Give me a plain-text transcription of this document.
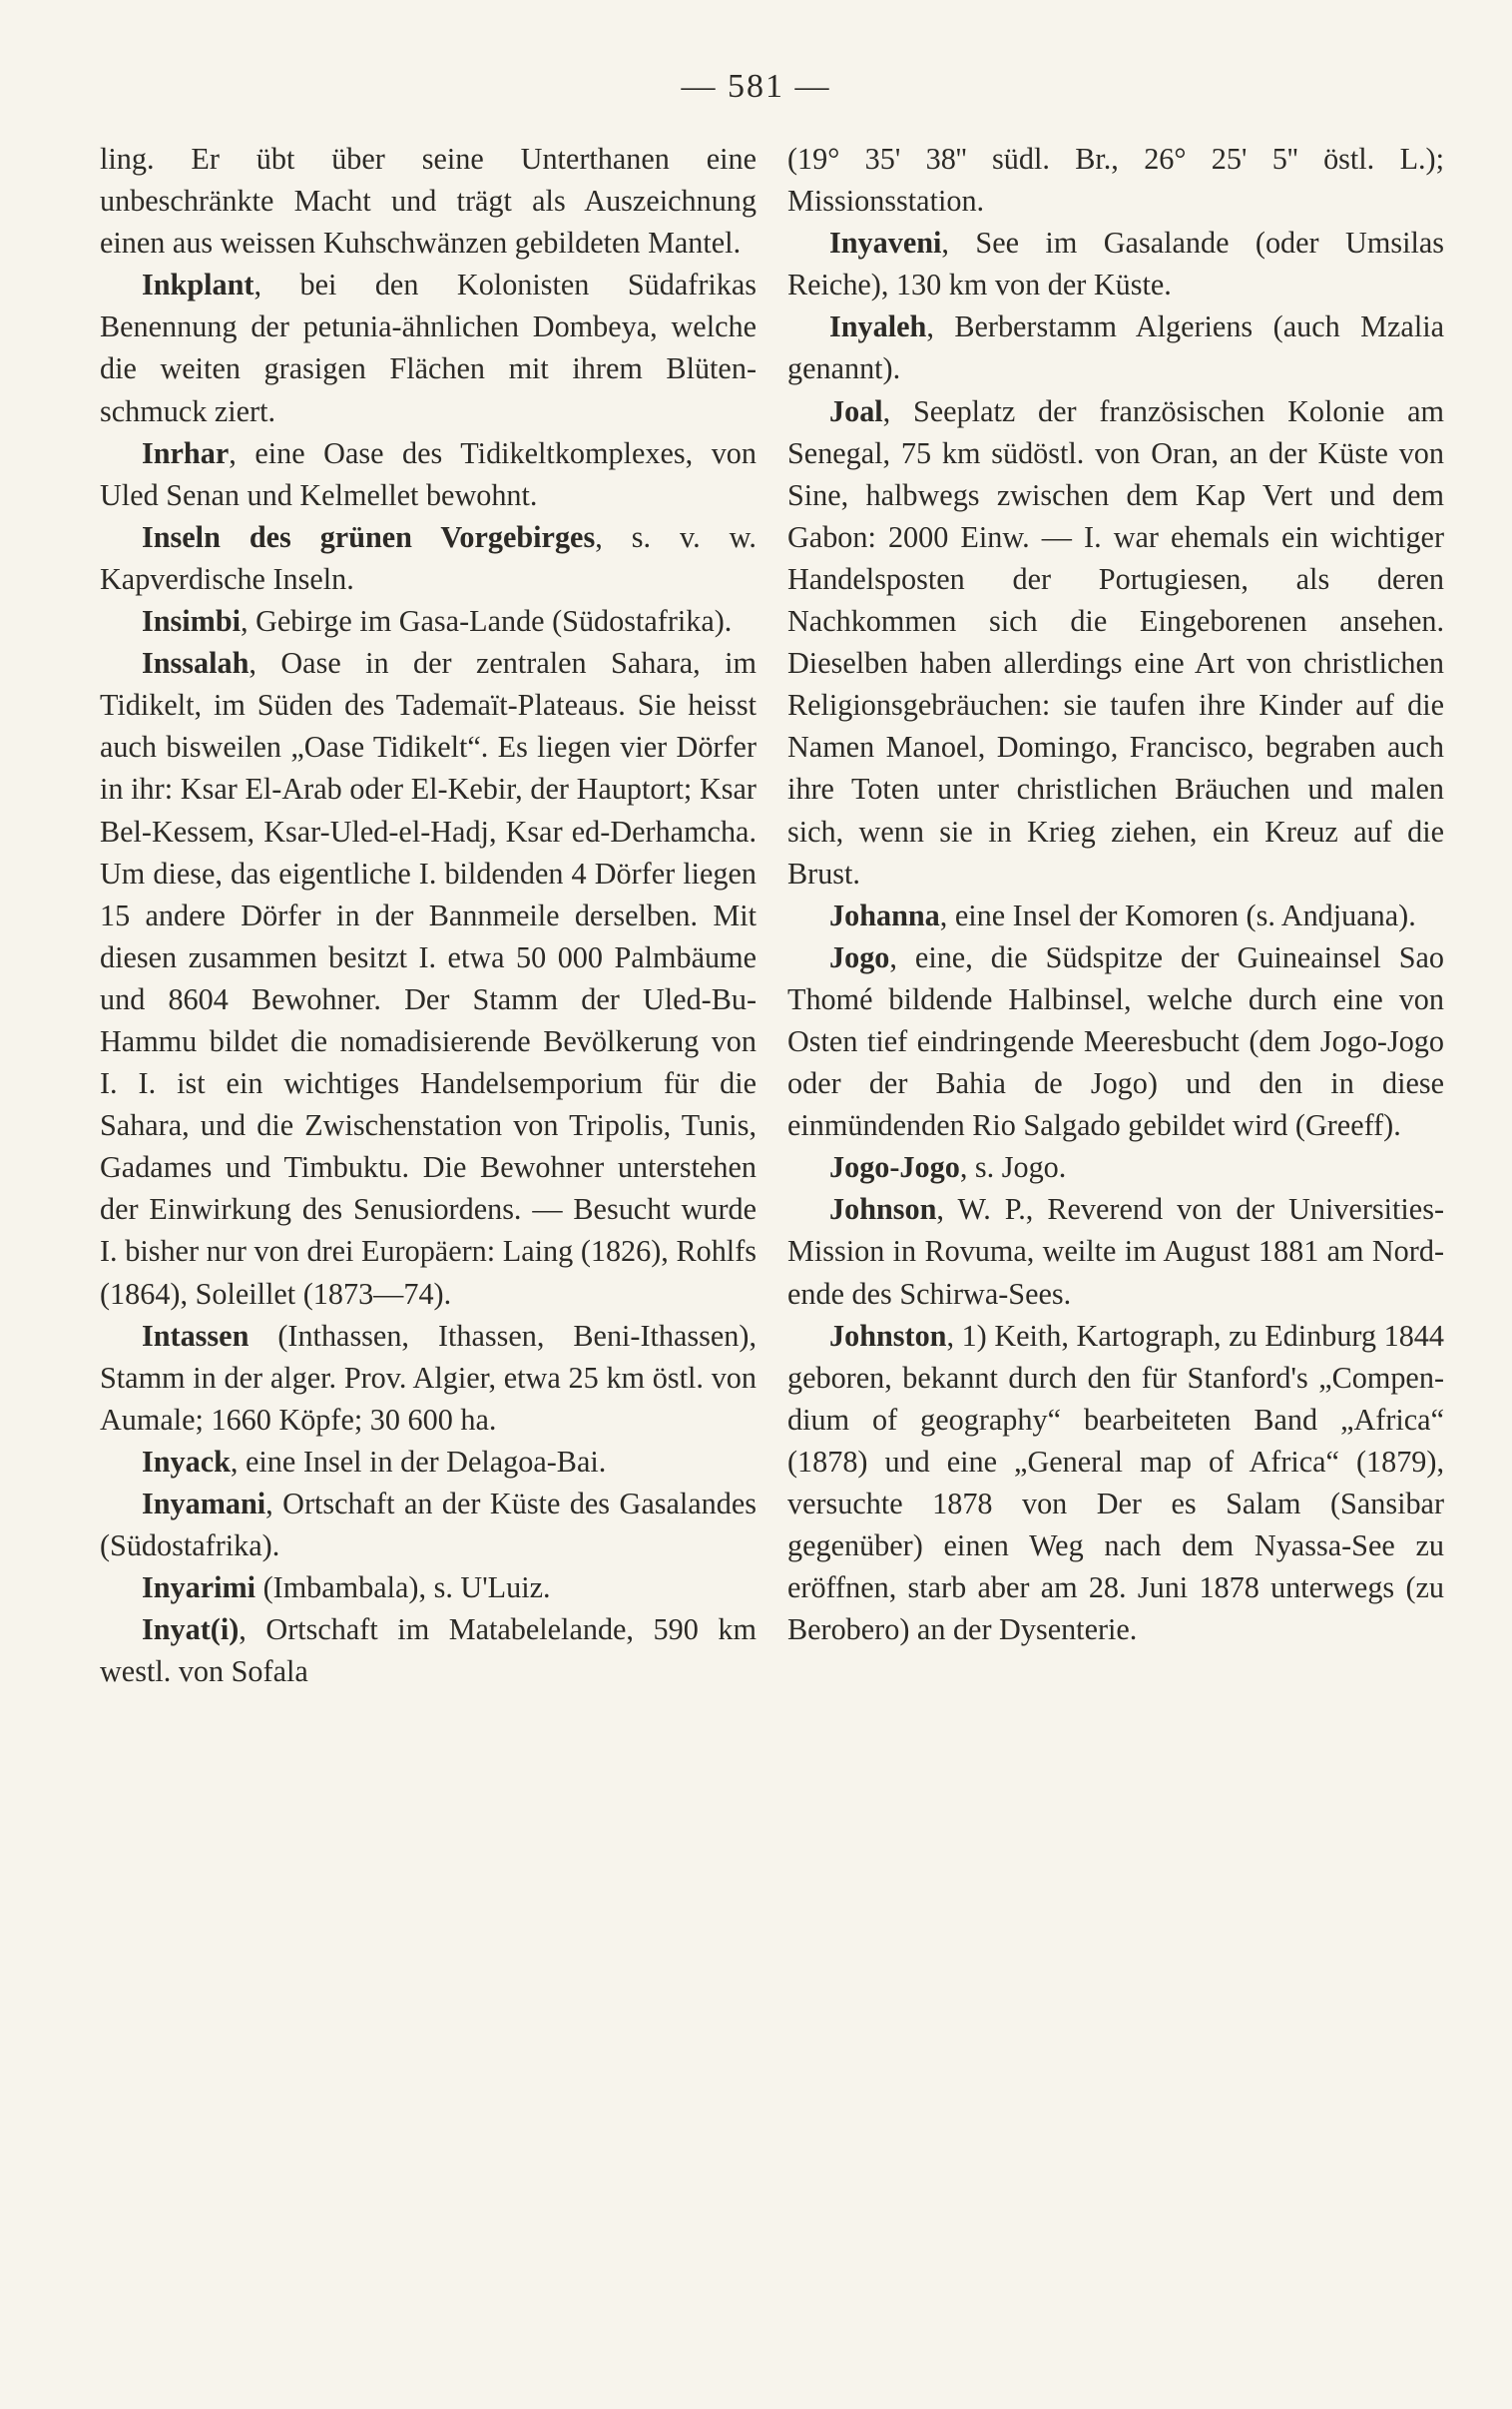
— 581 —

ling. Er übt über seine Unterthanen eine unbeschränkte Macht und trägt als Auszeichnung einen aus weissen Kuhschwänzen gebildeten Mantel.

Inkplant, bei den Kolonisten Südafrikas Benennung der petunia-ähnlichen Dombeya, welche die weiten grasigen Flächen mit ihrem Blütenschmuck ziert.

Inrhar, eine Oase des Tidikeltkomplexes, von Uled Senan und Kelmellet bewohnt.

Inseln des grünen Vorgebirges, s. v. w. Kapverdische Inseln.

Insimbi, Gebirge im Gasa-Lande (Südostafrika).

Inssalah, Oase in der zentralen Sahara, im Tidikelt, im Süden des Tademaït-Plateaus. Sie heisst auch bisweilen „Oase Tidikelt“. Es liegen vier Dörfer in ihr: Ksar El-Arab oder El-Kebir, der Hauptort; Ksar Bel-Kessem, Ksar-Uled-el-Hadj, Ksar ed-Derhamcha. Um diese, das eigentliche I. bildenden 4 Dörfer liegen 15 andere Dörfer in der Bannmeile derselben. Mit diesen zusammen besitzt I. etwa 50 000 Palmbäume und 8604 Bewohner. Der Stamm der Uled-Bu-Hammu bildet die nomadisierende Bevölkerung von I. I. ist ein wichtiges Handelsemporium für die Sahara, und die Zwischenstation von Tripolis, Tunis, Gadames und Timbuktu. Die Bewohner unterstehen der Einwirkung des Senusiordens. — Besucht wurde I. bisher nur von drei Europäern: Laing (1826), Rohlfs (1864), Soleillet (1873—74).

Intassen (Inthassen, Ithassen, Beni-Ithassen), Stamm in der alger. Prov. Algier, etwa 25 km östl. von Aumale; 1660 Köpfe; 30 600 ha.

Inyack, eine Insel in der Delagoa-Bai.

Inyamani, Ortschaft an der Küste des Gasalandes (Südostafrika).

Inyarimi (Imbambala), s. U'Luiz.

Inyat(i), Ortschaft im Matabelelande, 590 km westl. von Sofala

(19° 35' 38'' südl. Br., 26° 25' 5'' östl. L.); Missionsstation.

Inyaveni, See im Gasalande (oder Umsilas Reiche), 130 km von der Küste.

Inyaleh, Berberstamm Algeriens (auch Mzalia genannt).

Joal, Seeplatz der französischen Kolonie am Senegal, 75 km südöstl. von Oran, an der Küste von Sine, halbwegs zwischen dem Kap Vert und dem Gabon: 2000 Einw. — I. war ehemals ein wichtiger Handelsposten der Portugiesen, als deren Nachkommen sich die Eingeborenen ansehen. Dieselben haben allerdings eine Art von christlichen Religionsgebräuchen: sie taufen ihre Kinder auf die Namen Manoel, Domingo, Francisco, begraben auch ihre Toten unter christlichen Bräuchen und malen sich, wenn sie in Krieg ziehen, ein Kreuz auf die Brust.

Johanna, eine Insel der Komoren (s. Andjuana).

Jogo, eine, die Südspitze der Guineainsel Sao Thomé bildende Halbinsel, welche durch eine von Osten tief eindringende Meeresbucht (dem Jogo-Jogo oder der Bahia de Jogo) und den in diese einmündenden Rio Salgado gebildet wird (Greeff).

Jogo-Jogo, s. Jogo.

Johnson, W. P., Reverend von der Universities-Mission in Rovuma, weilte im August 1881 am Nordende des Schirwa-Sees.

Johnston, 1) Keith, Kartograph, zu Edinburg 1844 geboren, bekannt durch den für Stanford's „Compendium of geography“ bearbeiteten Band „Africa“ (1878) und eine „General map of Africa“ (1879), versuchte 1878 von Der es Salam (Sansibar gegenüber) einen Weg nach dem Nyassa-See zu eröffnen, starb aber am 28. Juni 1878 unterwegs (zu Berobero) an der Dysenterie.
